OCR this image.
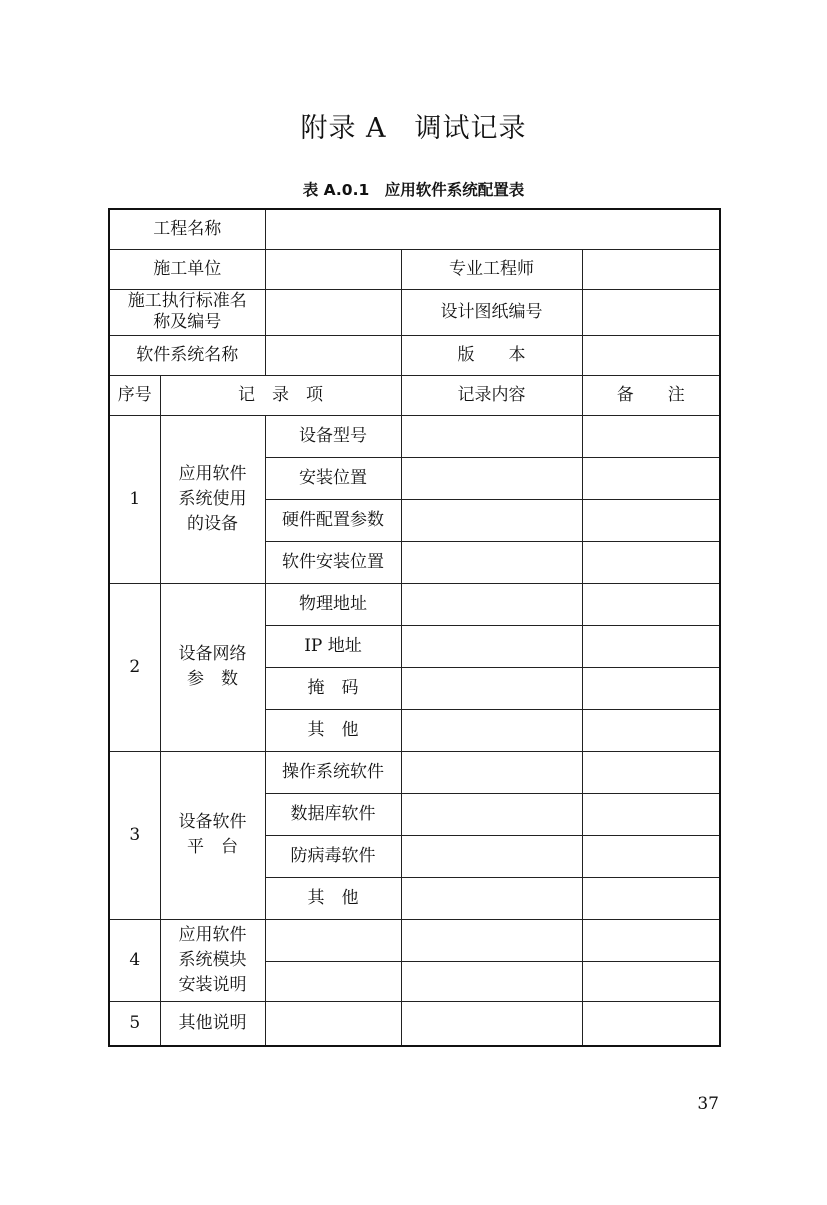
附录 A　调试记录
表 A.0.1　应用软件系统配置表
工程名称				
施工单位			专业工程师	
施工执行标准名称及编号			设计图纸编号	
软件系统名称			版　　本	
序号	记　录　项		记录内容	备　　注
1	应用软件系统使用的设备	设备型号		
		安装位置		
		硬件配置参数		
		软件安装位置		
2	设备网络参　数	物理地址		
		IP 地址		
		掩　码		
		其　他		
3	设备软件平　台	操作系统软件		
		数据库软件		
		防病毒软件		
		其　他		
4	应用软件系统模块安装说明			

5	其他说明			
37
